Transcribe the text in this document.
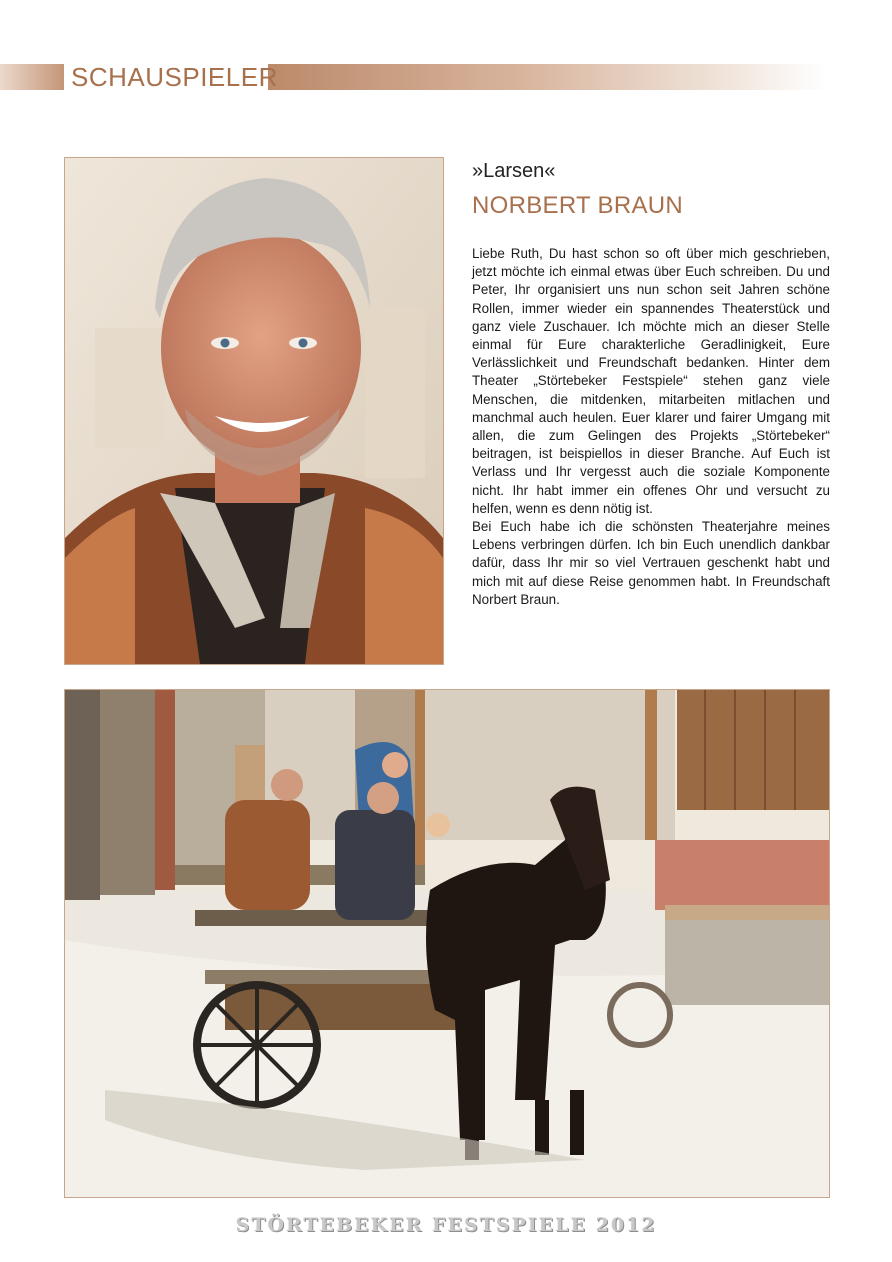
SCHAUSPIELER
»Larsen«
NORBERT BRAUN

Liebe Ruth, Du hast schon so oft über mich geschrieben, jetzt möchte ich einmal etwas über Euch schreiben. Du und Peter, Ihr organisiert uns nun schon seit Jahren schöne Rollen, immer wieder ein spannendes Theaterstück und ganz viele Zuschauer. Ich möchte mich an dieser Stelle einmal für Eure charakterliche Geradlinigkeit, Eure Verlässlichkeit und Freundschaft bedanken. Hinter dem Theater „Störtebeker Festspiele“ stehen ganz viele Menschen, die mitdenken, mitarbeiten mitlachen und manchmal auch heulen. Euer klarer und fairer Umgang mit allen, die zum Gelingen des Projekts „Störtebeker“ beitragen, ist beispiellos in dieser Branche. Auf Euch ist Verlass und Ihr vergesst auch die soziale Komponente nicht. Ihr habt immer ein offenes Ohr und versucht zu helfen, wenn es denn nötig ist.

Bei Euch habe ich die schönsten Theaterjahre meines Lebens verbringen dürfen. Ich bin Euch unendlich dankbar dafür, dass Ihr mir so viel Vertrauen geschenkt habt und mich mit auf diese Reise genommen habt. In Freundschaft Norbert Braun.

STÖRTEBEKER FESTSPIELE 2012
